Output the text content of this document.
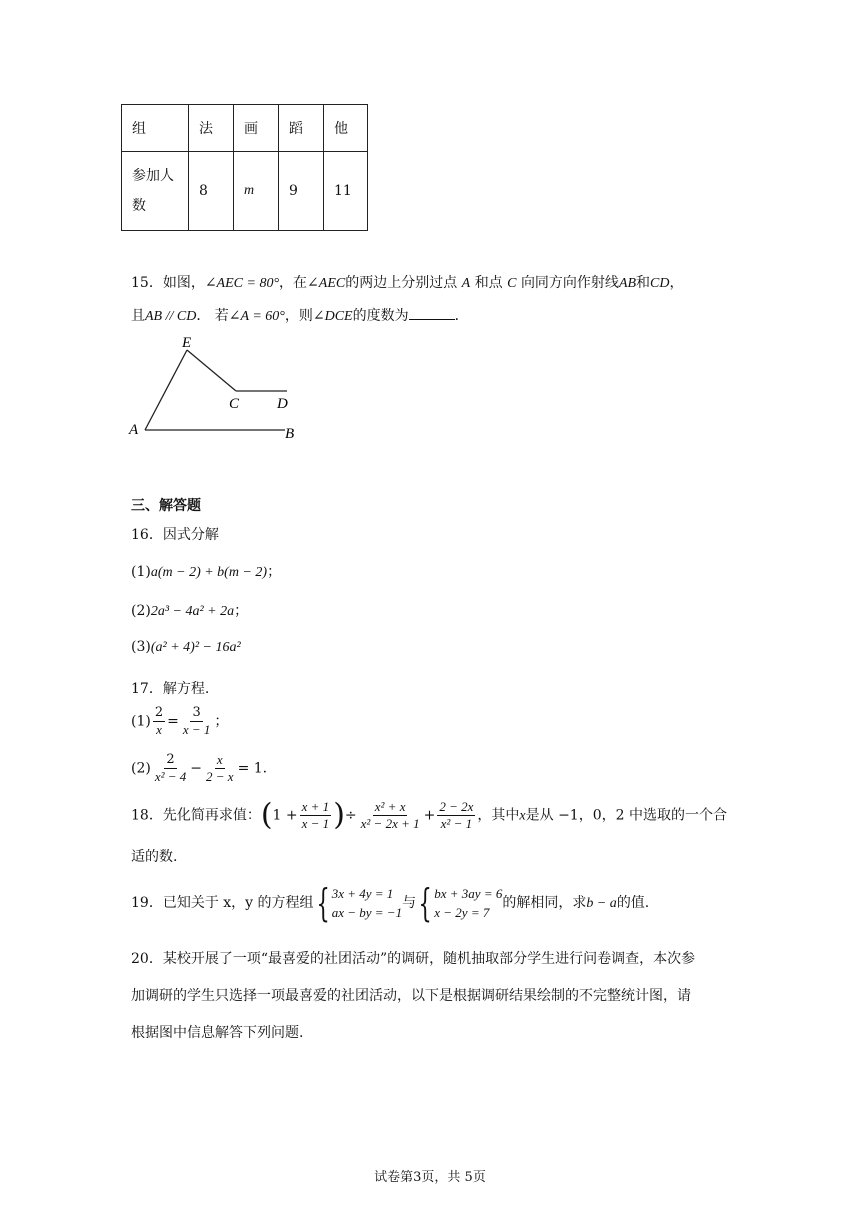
组	法	画	蹈	他
参加人
数	8	m	9	11
15．如图，∠AEC = 80°，在∠AEC的两边上分别过点 A 和点 C 向同方向作射线AB和CD，
且AB // CD． 若∠A = 60°，则∠DCE的度数为	．
E
C	D
A	B
三、解答题
16．因式分解
(1)a(m − 2) + b(m − 2)；
(2)2a³ − 4a² + 2a；
(3)(a² + 4)² − 16a²
17．解方程.
$(1) \frac{2}{x} = \frac{3}{x - 1}$ ；
$(2) \frac{2}{\text{x² − 4}} - \frac{x}{2 - x} = 1$.
18．先化简再求值：($1 + \frac{x + 1}{x - 1}$ )÷ $\frac{\text{x² + x}}{\text{x² − 2x + 1}} + \frac{2 - 2x}{\text{x² − 1}}$ ，其中x是从 −1，0，2 中选取的一个合
适的数.
19．已知关于 x，y 的方程组 { 3x + 4y = 1
ax − by = −1
与 { bx + 3ay = 6
x − 2y = 7
的解相同，求b − a的值.
20．某校开展了一项“最喜爱的社团活动”的调研，随机抽取部分学生进行问卷调查，本次参
加调研的学生只选择一项最喜爱的社团活动，以下是根据调研结果绘制的不完整统计图，请
根据图中信息解答下列问题.
试卷第3页，共 5页
